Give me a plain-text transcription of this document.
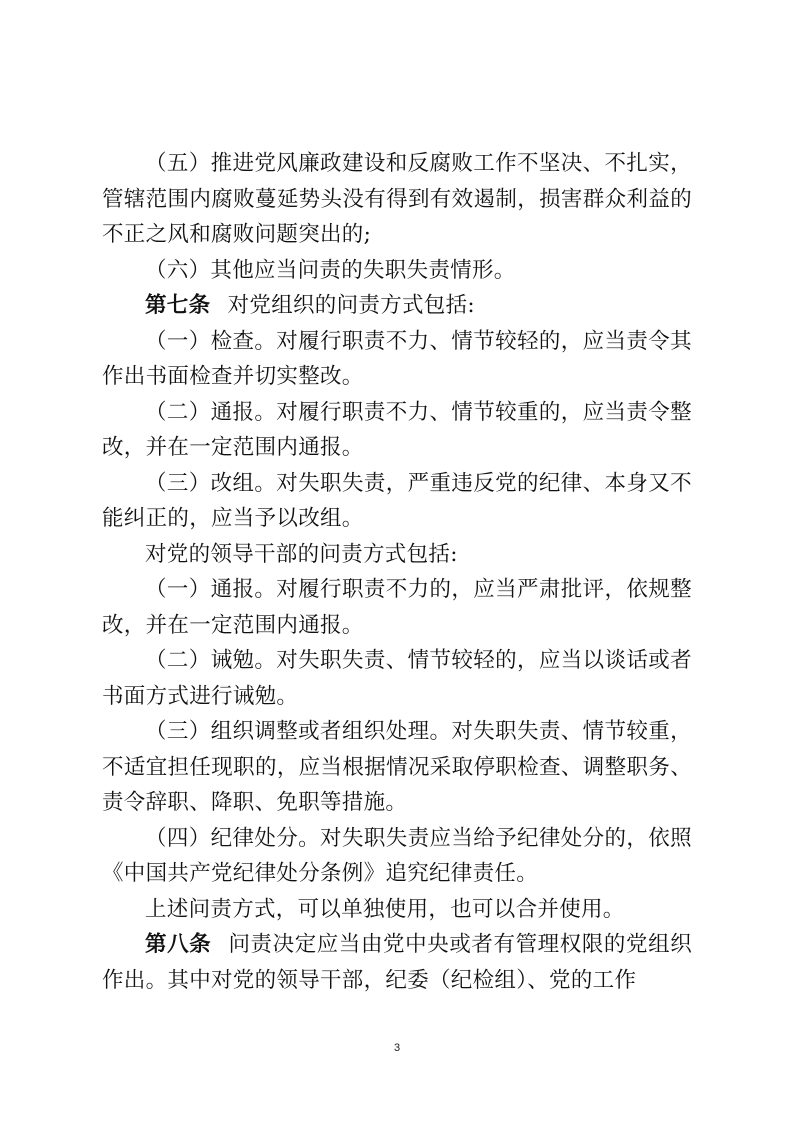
（五）推进党风廉政建设和反腐败工作不坚决、不扎实，管辖范围内腐败蔓延势头没有得到有效遏制，损害群众利益的不正之风和腐败问题突出的;

（六）其他应当问责的失职失责情形。

第七条 对党组织的问责方式包括:

（一）检查。对履行职责不力、情节较轻的，应当责令其作出书面检查并切实整改。

（二）通报。对履行职责不力、情节较重的，应当责令整改，并在一定范围内通报。

（三）改组。对失职失责，严重违反党的纪律、本身又不能纠正的，应当予以改组。

对党的领导干部的问责方式包括:

（一）通报。对履行职责不力的，应当严肃批评，依规整改，并在一定范围内通报。

（二）诫勉。对失职失责、情节较轻的，应当以谈话或者书面方式进行诫勉。

（三）组织调整或者组织处理。对失职失责、情节较重，不适宜担任现职的，应当根据情况采取停职检查、调整职务、责令辞职、降职、免职等措施。

（四）纪律处分。对失职失责应当给予纪律处分的，依照《中国共产党纪律处分条例》追究纪律责任。

上述问责方式，可以单独使用，也可以合并使用。

第八条 问责决定应当由党中央或者有管理权限的党组织作出。其中对党的领导干部，纪委（纪检组）、党的工作

3
